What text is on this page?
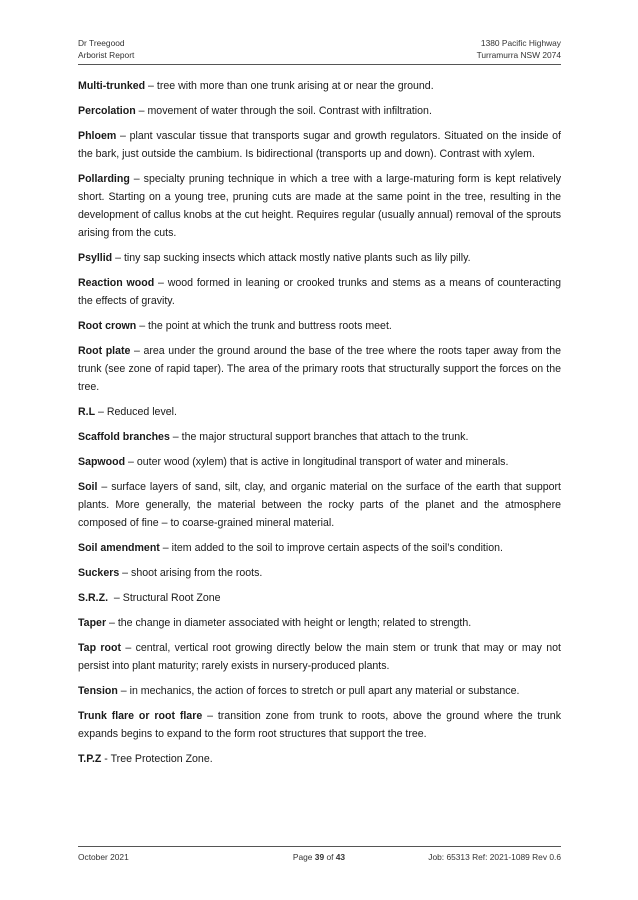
Dr Treegood
Arborist Report
1380 Pacific Highway
Turramurra NSW 2074

Multi-trunked – tree with more than one trunk arising at or near the ground.

Percolation – movement of water through the soil. Contrast with infiltration.

Phloem – plant vascular tissue that transports sugar and growth regulators. Situated on the inside of the bark, just outside the cambium. Is bidirectional (transports up and down). Contrast with xylem.

Pollarding – specialty pruning technique in which a tree with a large-maturing form is kept relatively short. Starting on a young tree, pruning cuts are made at the same point in the tree, resulting in the development of callus knobs at the cut height. Requires regular (usually annual) removal of the sprouts arising from the cuts.

Psyllid – tiny sap sucking insects which attack mostly native plants such as lily pilly.

Reaction wood – wood formed in leaning or crooked trunks and stems as a means of counteracting the effects of gravity.

Root crown – the point at which the trunk and buttress roots meet.

Root plate – area under the ground around the base of the tree where the roots taper away from the trunk (see zone of rapid taper). The area of the primary roots that structurally support the forces on the tree.

R.L – Reduced level.

Scaffold branches – the major structural support branches that attach to the trunk.

Sapwood – outer wood (xylem) that is active in longitudinal transport of water and minerals.

Soil – surface layers of sand, silt, clay, and organic material on the surface of the earth that support plants. More generally, the material between the rocky parts of the planet and the atmosphere composed of fine – to coarse-grained mineral material.

Soil amendment – item added to the soil to improve certain aspects of the soil’s condition.

Suckers – shoot arising from the roots.

S.R.Z.  – Structural Root Zone

Taper – the change in diameter associated with height or length; related to strength.

Tap root – central, vertical root growing directly below the main stem or trunk that may or may not persist into plant maturity; rarely exists in nursery-produced plants.

Tension – in mechanics, the action of forces to stretch or pull apart any material or substance.

Trunk flare or root flare – transition zone from trunk to roots, above the ground where the trunk expands begins to expand to the form root structures that support the tree.

T.P.Z - Tree Protection Zone.

October 2021	Page 39 of 43	Job: 65313 Ref: 2021-1089 Rev 0.6
